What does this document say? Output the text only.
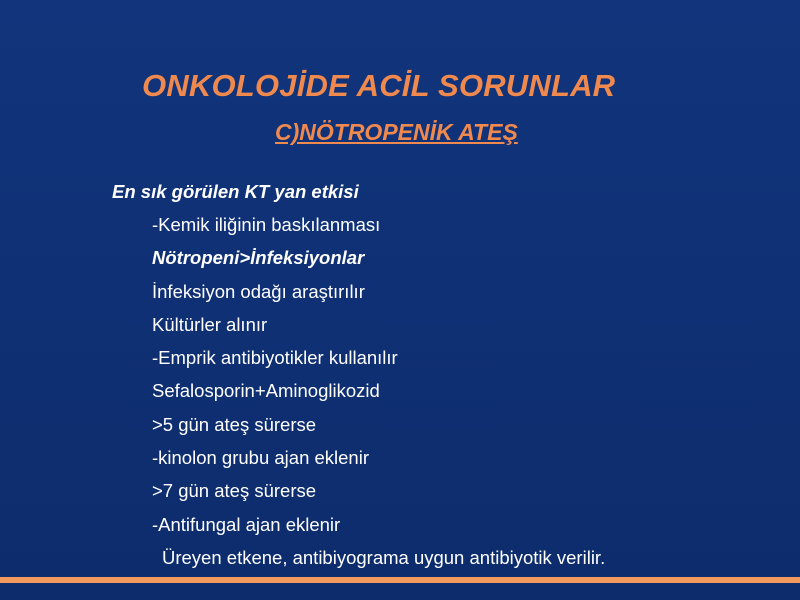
ONKOLOJİDE ACİL SORUNLAR
C)NÖTROPENİK ATEŞ
En sık görülen KT yan etkisi
-Kemik iliğinin baskılanması
Nötropeni>İnfeksiyonlar
İnfeksiyon odağı araştırılır
Kültürler alınır
-Emprik antibiyotikler kullanılır
Sefalosporin+Aminoglikozid
>5 gün ateş sürerse
-kinolon grubu ajan eklenir
>7 gün ateş sürerse
-Antifungal ajan eklenir
Üreyen etkene, antibiyograma uygun antibiyotik verilir.
